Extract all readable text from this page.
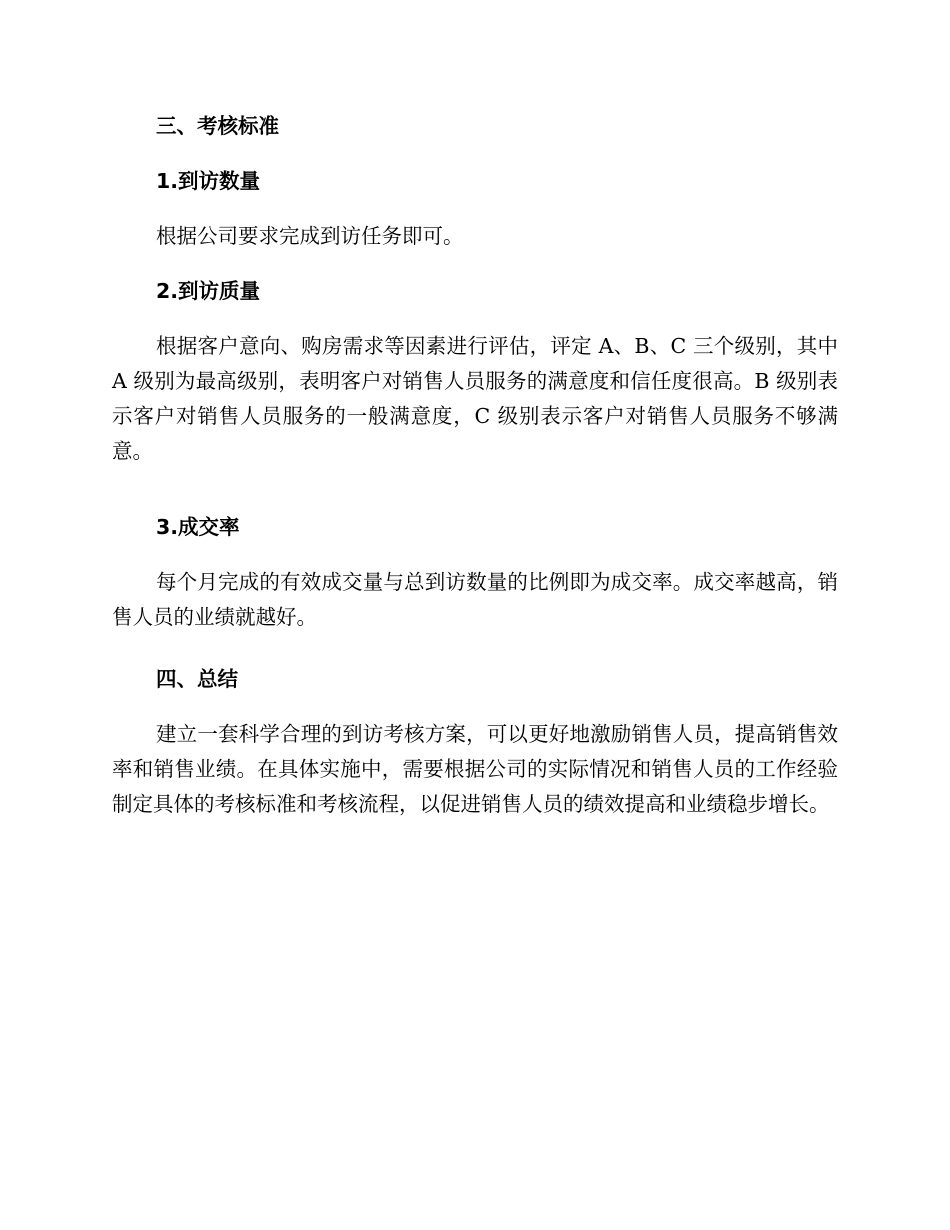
三、考核标准
1.到访数量

根据公司要求完成到访任务即可。

2.到访质量

根据客户意向、购房需求等因素进行评估，评定 A、B、C 三个级别，其中 A 级别为最高级别，表明客户对销售人员服务的满意度和信任度很高。B 级别表示客户对销售人员服务的一般满意度，C 级别表示客户对销售人员服务不够满意。

3.成交率

每个月完成的有效成交量与总到访数量的比例即为成交率。成交率越高，销售人员的业绩就越好。

四、总结

建立一套科学合理的到访考核方案，可以更好地激励销售人员，提高销售效率和销售业绩。在具体实施中，需要根据公司的实际情况和销售人员的工作经验制定具体的考核标准和考核流程，以促进销售人员的绩效提高和业绩稳步增长。
